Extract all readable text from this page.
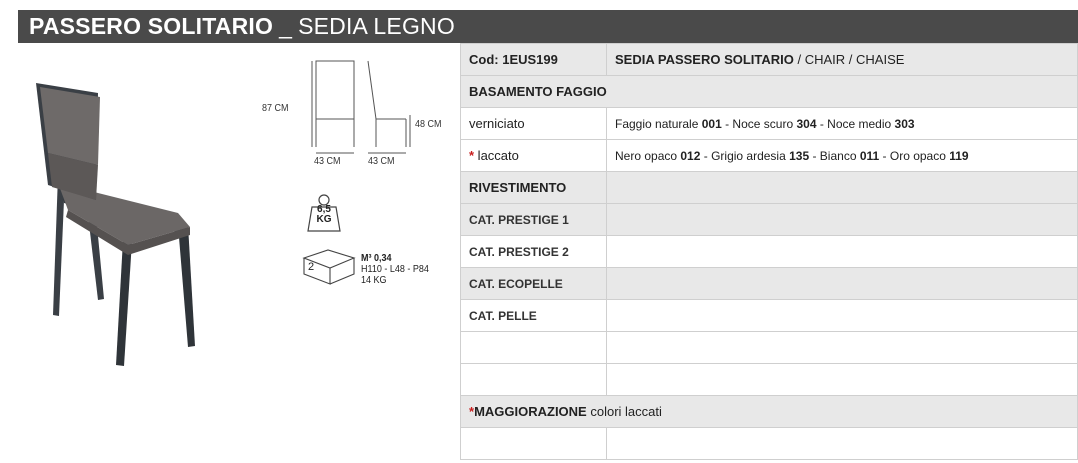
PASSERO SOLITARIO _ SEDIA LEGNO
87 CM
48 CM
43 CM	43 CM
6,5
KG
2
M³ 0,34
H110 - L48 - P84
14 KG
Cod: 1EUS199	SEDIA PASSERO SOLITARIO / CHAIR / CHAISE
BASAMENTO FAGGIO	
verniciato	Faggio naturale 001 - Noce scuro 304 - Noce medio 303
* laccato	Nero opaco 012 - Grigio ardesia 135 - Bianco 011 - Oro opaco 119
RIVESTIMENTO	
CAT. PRESTIGE 1	
CAT. PRESTIGE 2	
CAT. ECOPELLE	
CAT. PELLE	

*MAGGIORAZIONE colori laccati	
